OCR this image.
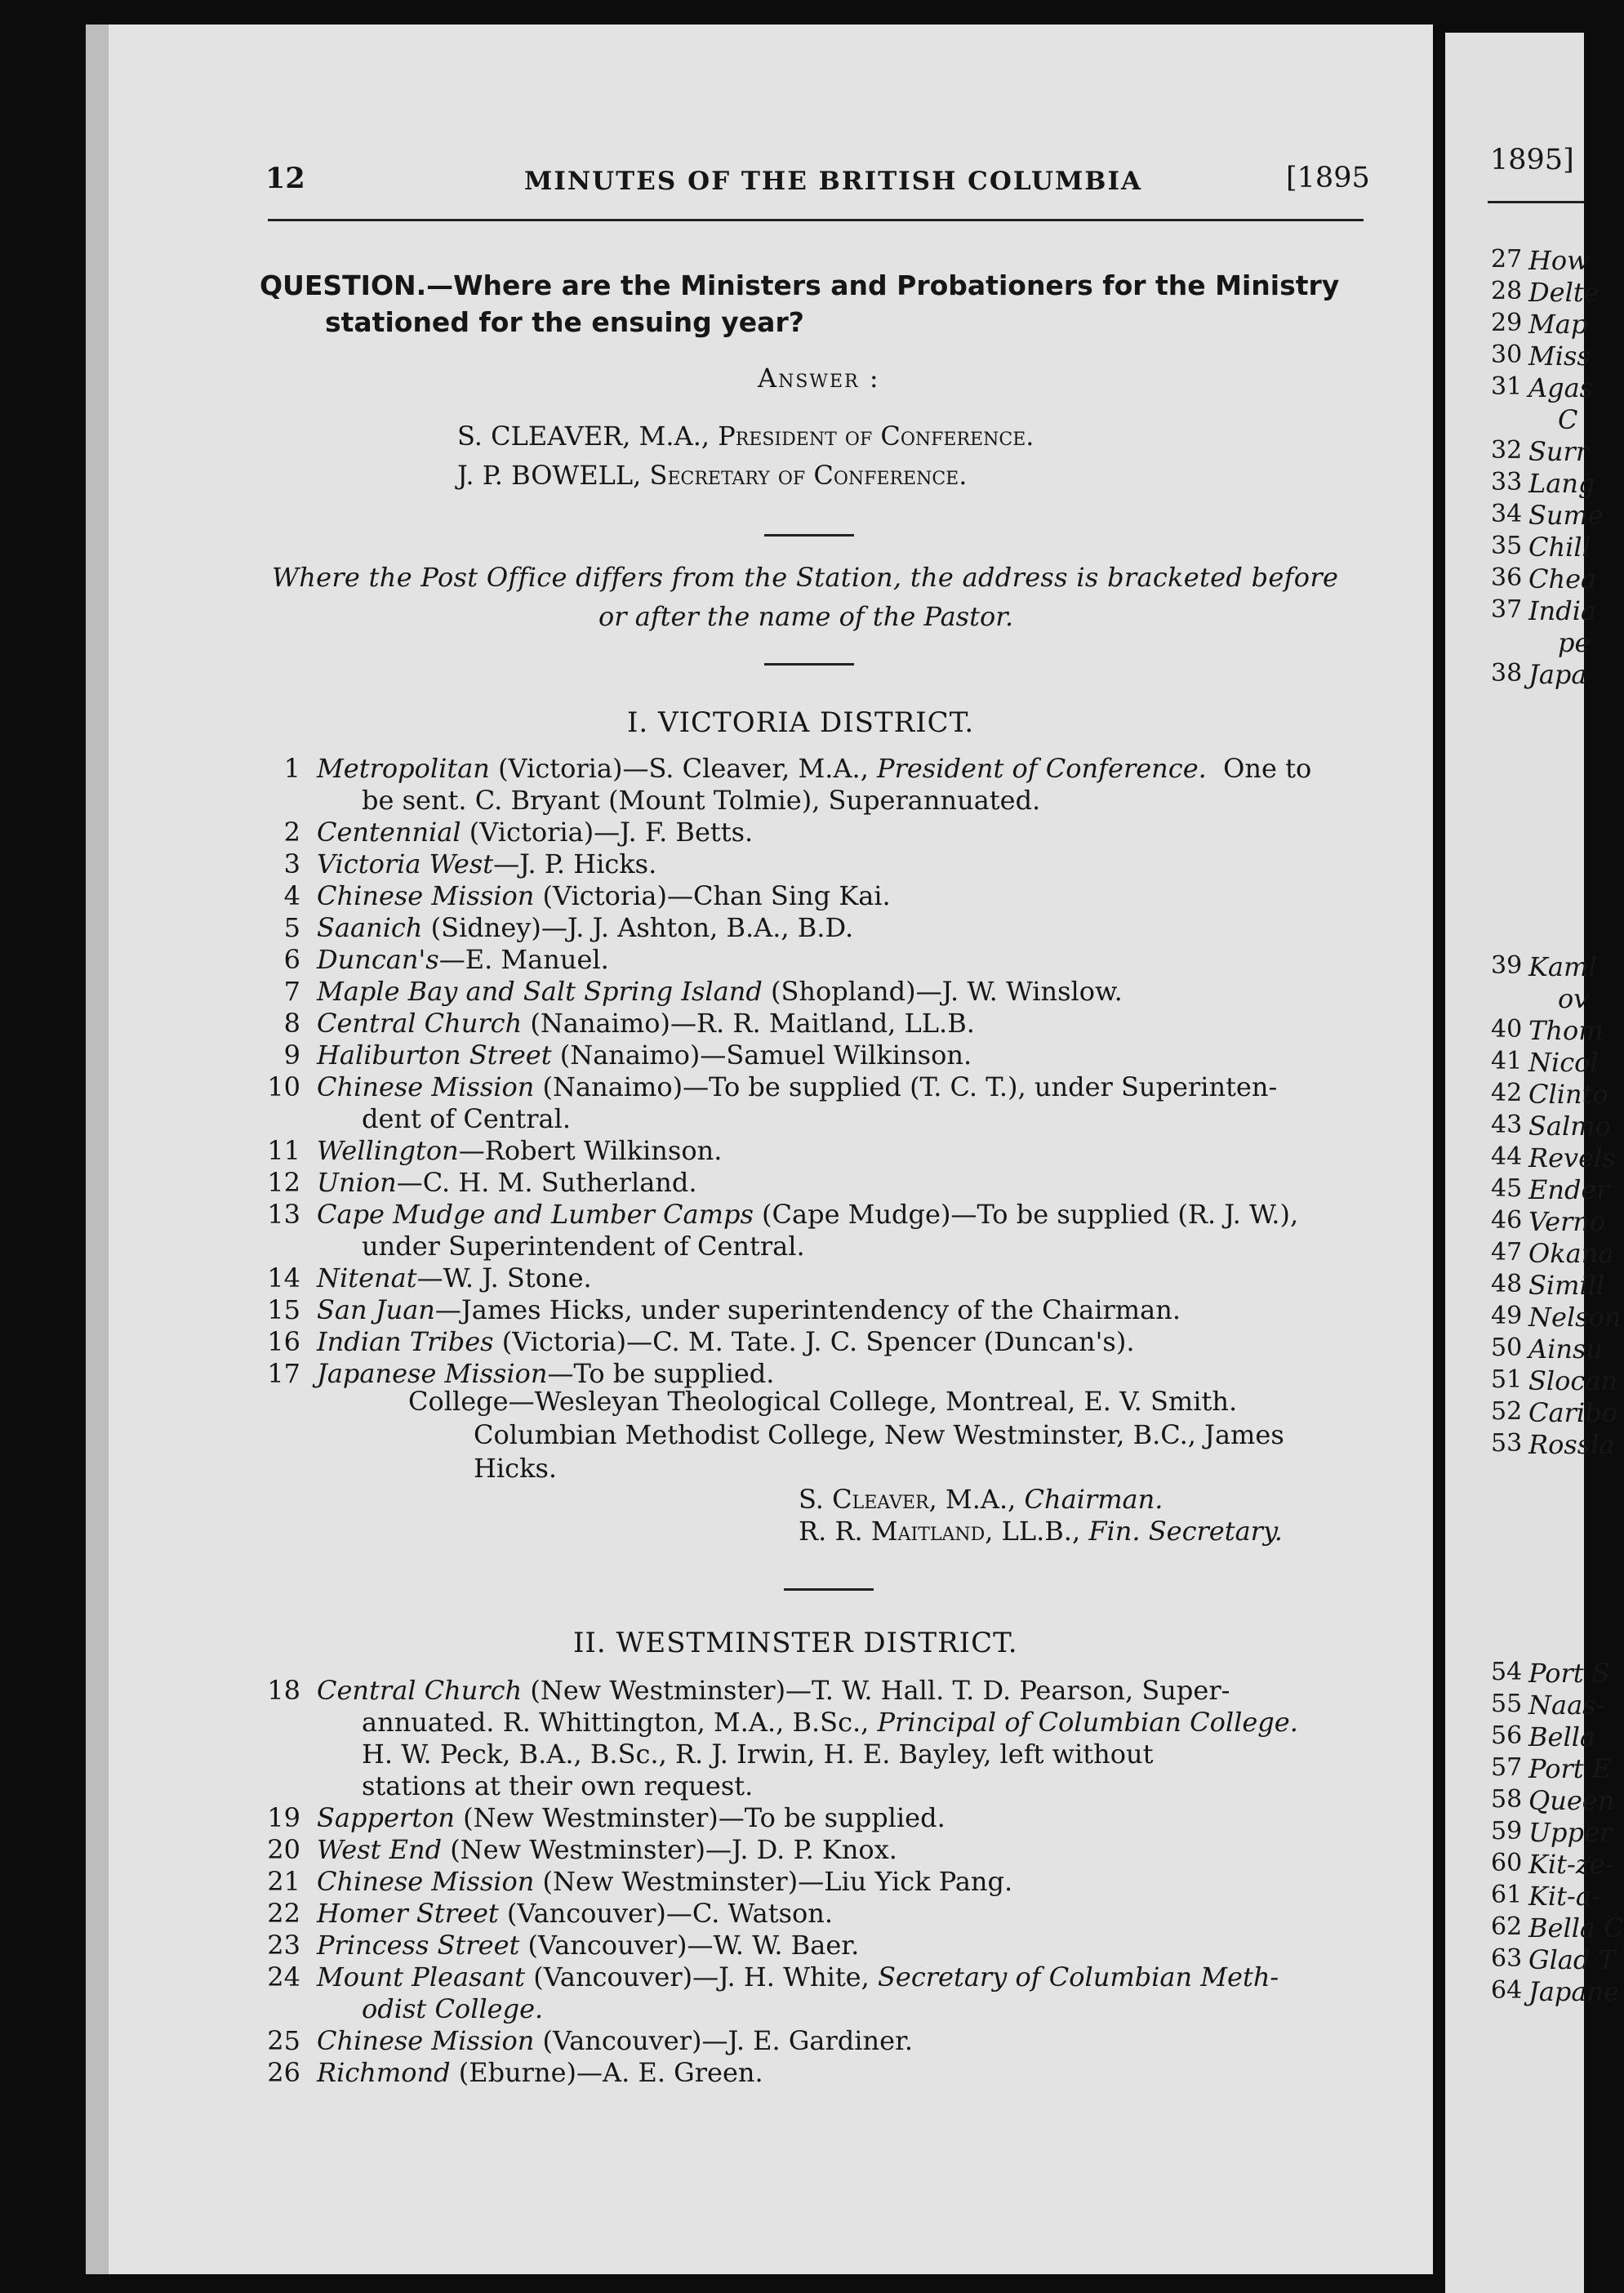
12	MINUTES OF THE BRITISH COLUMBIA	[1895
QUESTION.—Where are the Ministers and Probationers for the Ministry
stationed for the ensuing year?
Answer :
S. CLEAVER, M.A., President of Conference.
J. P. BOWELL, Secretary of Conference.
Where the Post Office differs from the Station, the address is bracketed before
or after the name of the Pastor.
I. VICTORIA DISTRICT.
1 Metropolitan (Victoria)—S. Cleaver, M.A., President of Conference.  One to
be sent. C. Bryant (Mount Tolmie), Superannuated.
2 Centennial (Victoria)—J. F. Betts.
3 Victoria West—J. P. Hicks.
4 Chinese Mission (Victoria)—Chan Sing Kai.
5 Saanich (Sidney)—J. J. Ashton, B.A., B.D.
6 Duncan's—E. Manuel.
7 Maple Bay and Salt Spring Island (Shopland)—J. W. Winslow.
8 Central Church (Nanaimo)—R. R. Maitland, LL.B.
9 Haliburton Street (Nanaimo)—Samuel Wilkinson.
10 Chinese Mission (Nanaimo)—To be supplied (T. C. T.), under Superinten-
dent of Central.
11 Wellington—Robert Wilkinson.
12 Union—C. H. M. Sutherland.
13 Cape Mudge and Lumber Camps (Cape Mudge)—To be supplied (R. J. W.),
under Superintendent of Central.
14 Nitenat—W. J. Stone.
15 San Juan—James Hicks, under superintendency of the Chairman.
16 Indian Tribes (Victoria)—C. M. Tate. J. C. Spencer (Duncan's).
17 Japanese Mission—To be supplied.
College—Wesleyan Theological College, Montreal, E. V. Smith.
Columbian Methodist College, New Westminster, B.C., James
Hicks.
S. Cleaver, M.A., Chairman.
R. R. Maitland, LL.B., Fin. Secretary.
II. WESTMINSTER DISTRICT.
18 Central Church (New Westminster)—T. W. Hall. T. D. Pearson, Super-
annuated. R. Whittington, M.A., B.Sc., Principal of Columbian College.
H. W. Peck, B.A., B.Sc., R. J. Irwin, H. E. Bayley, left without
stations at their own request.
19 Sapperton (New Westminster)—To be supplied.
20 West End (New Westminster)—J. D. P. Knox.
21 Chinese Mission (New Westminster)—Liu Yick Pang.
22 Homer Street (Vancouver)—C. Watson.
23 Princess Street (Vancouver)—W. W. Baer.
24 Mount Pleasant (Vancouver)—J. H. White, Secretary of Columbian Meth-
odist College.
25 Chinese Mission (Vancouver)—J. E. Gardiner.
26 Richmond (Eburne)—A. E. Green.
1895]
27 How
28 Delte
29 Map
30 Miss
31 Agas
C
32 Surr
33 Lang
34 Sume
35 Chill
36 Chea
37 India
pe
38 Japa
39 Kaml
ov
40 Thom
41 Nicol
42 Clinto
43 Salmo
44 Revels
45 Ender
46 Verno
47 Okana
48 Simill
49 Nelson
50 Ainsu
51 Slocan
52 Caribo
53 Rossla
54 Port S
55 Naas-
56 Bella
57 Port E
58 Queen
59 Upper
60 Kit-ze-
61 Kit-a-
62 Bella C
63 Glad T
64 Japane
